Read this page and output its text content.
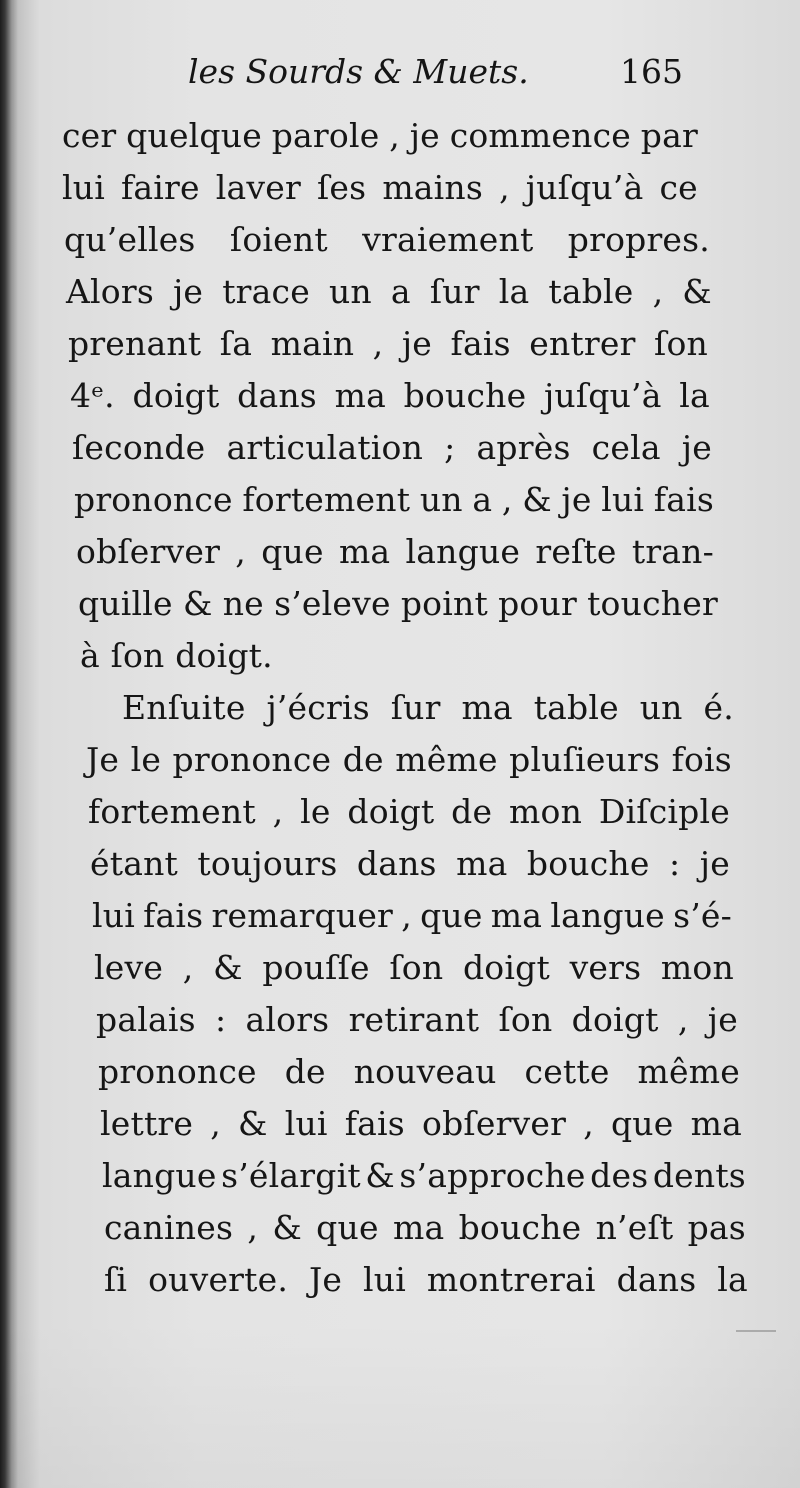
les Sourds & Muets.	165
cer quelque parole , je commence par
lui faire laver ſes mains , juſqu’à ce
qu’elles ſoient vraiement propres.
Alors je trace un a ſur la table , &
prenant ſa main , je fais entrer ſon
4ᵉ. doigt dans ma bouche juſqu’à la
ſeconde articulation ; après cela je
prononce fortement un a , & je lui fais
obſerver , que ma langue reſte tran-
quille & ne s’eleve point pour toucher
à ſon doigt.
Enſuite j’écris ſur ma table un é.
Je le prononce de même pluſieurs fois
fortement , le doigt de mon Diſciple
étant toujours dans ma bouche : je
lui fais remarquer , que ma langue s’é-
leve , & pouſſe ſon doigt vers mon
palais : alors retirant ſon doigt , je
prononce de nouveau cette même
lettre , & lui fais obſerver , que ma
langue s’élargit & s’approche des dents
canines , & que ma bouche n’eſt pas
ſi ouverte. Je lui montrerai dans la
